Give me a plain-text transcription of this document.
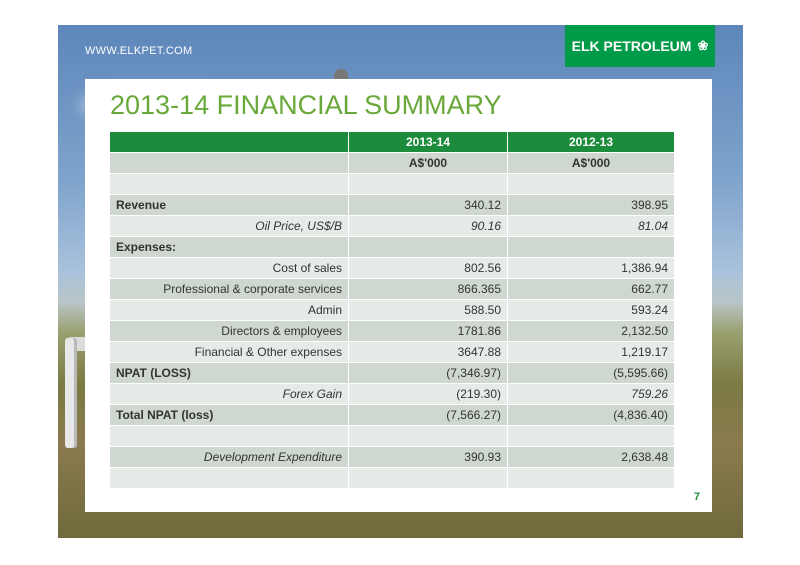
WWW.ELKPET.COM	ELK PETROLEUM ❀
2013-14 FINANCIAL SUMMARY
	2013-14	2012-13
	A$'000	A$'000

Revenue	340.12	398.95
Oil Price, US$/B	90.16	81.04
Expenses:		
Cost of sales	802.56	1,386.94
Professional & corporate services	866.365	662.77
Admin	588.50	593.24
Directors & employees	1781.86	2,132.50
Financial & Other expenses	3647.88	1,219.17
NPAT (LOSS)	(7,346.97)	(5,595.66)
Forex Gain	(219.30)	759.26
Total NPAT (loss)	(7,566.27)	(4,836.40)

Development Expenditure	390.93	2,638.48

7
